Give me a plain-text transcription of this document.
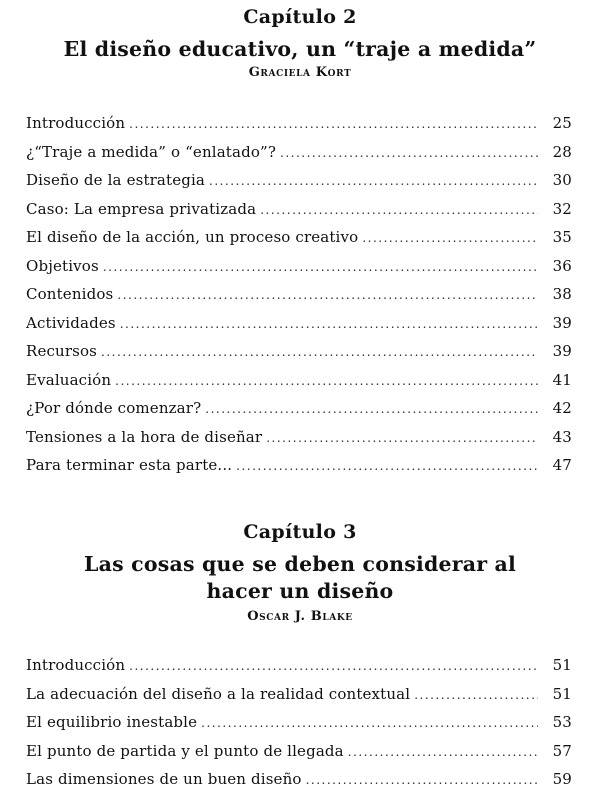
Capítulo 2

El diseño educativo, un “traje a medida”

Graciela Kort

Introducción .....	25
¿“Traje a medida” o “enlatado”? .....	28
Diseño de la estrategia .....	30
Caso: La empresa privatizada .....	32
El diseño de la acción, un proceso creativo .....	35
Objetivos .....	36
Contenidos .....	38
Actividades .....	39
Recursos .....	39
Evaluación .....	41
¿Por dónde comenzar? .....	42
Tensiones a la hora de diseñar .....	43
Para terminar esta parte... .....	47

Capítulo 3

Las cosas que se deben considerar al

hacer un diseño

Oscar J. Blake

Introducción .....	51
La adecuación del diseño a la realidad contextual .....	51
El equilibrio inestable .....	53
El punto de partida y el punto de llegada .....	57
Las dimensiones de un buen diseño .....	59
